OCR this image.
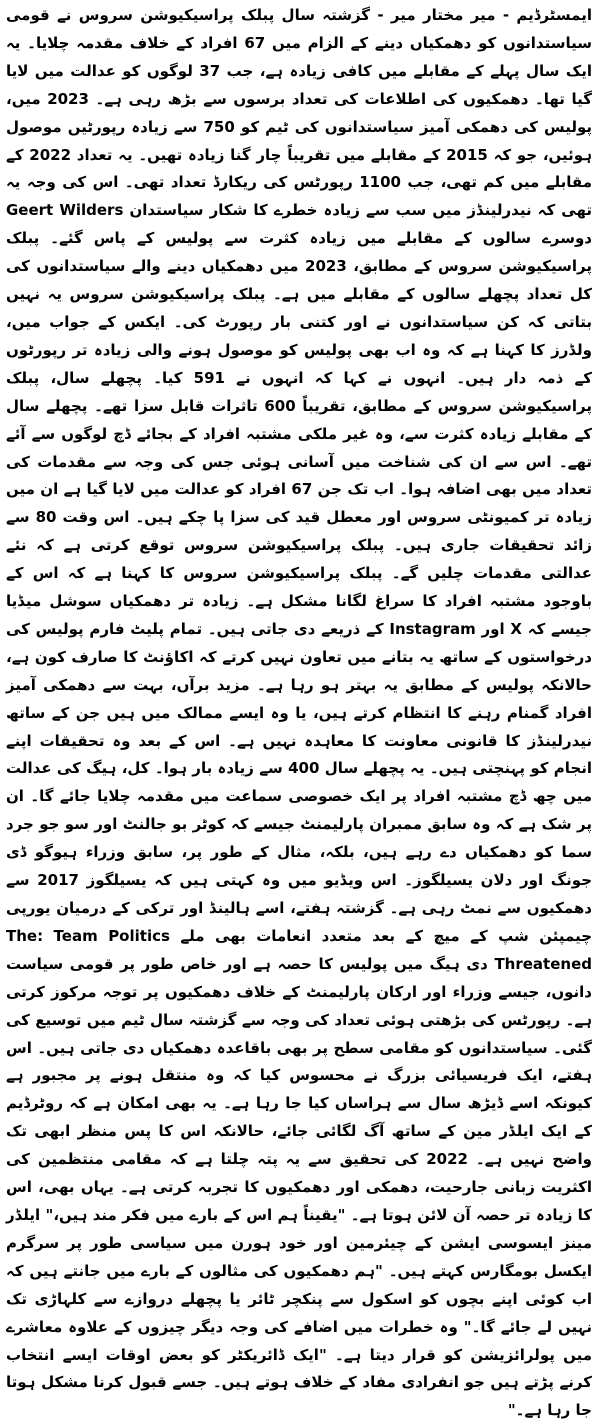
ایمسٹرڈیم - میر مختار میر - گزشتہ سال پبلک پراسیکیوشن سروس نے قومی سیاستدانوں کو دھمکیاں دینے کے الزام میں 67 افراد کے خلاف مقدمہ چلایا۔ یہ ایک سال پہلے کے مقابلے میں کافی زیادہ ہے، جب 37 لوگوں کو عدالت میں لایا گیا تھا۔ دھمکیوں کی اطلاعات کی تعداد برسوں سے بڑھ رہی ہے۔ 2023 میں، پولیس کی دھمکی آمیز سیاستدانوں کی ٹیم کو 750 سے زیادہ رپورٹیں موصول ہوئیں، جو کہ 2015 کے مقابلے میں تقریباً چار گنا زیادہ تھیں۔ یہ تعداد 2022 کے مقابلے میں کم تھی، جب 1100 رپورٹس کی ریکارڈ تعداد تھی۔ اس کی وجہ یہ تھی کہ نیدرلینڈز میں سب سے زیادہ خطرے کا شکار سیاستدان Geert Wilders دوسرے سالوں کے مقابلے میں زیادہ کثرت سے پولیس کے پاس گئے۔ پبلک پراسیکیوشن سروس کے مطابق، 2023 میں دھمکیاں دینے والے سیاستدانوں کی کل تعداد پچھلے سالوں کے مقابلے میں ہے۔ پبلک پراسیکیوشن سروس یہ نہیں بتاتی کہ کن سیاستدانوں نے اور کتنی بار رپورٹ کی۔ ایکس کے جواب میں، ولڈرز کا کہنا ہے کہ وہ اب بھی پولیس کو موصول ہونے والی زیادہ تر رپورٹوں کے ذمہ دار ہیں۔ انہوں نے کہا کہ انہوں نے 591 کیا۔ پچھلے سال، پبلک پراسیکیوشن سروس کے مطابق، تقریباً 600 تاثرات قابل سزا تھے۔ پچھلے سال کے مقابلے زیادہ کثرت سے، وہ غیر ملکی مشتبہ افراد کے بجائے ڈچ لوگوں سے آئے تھے۔ اس سے ان کی شناخت میں آسانی ہوئی جس کی وجہ سے مقدمات کی تعداد میں بھی اضافہ ہوا۔ اب تک جن 67 افراد کو عدالت میں لایا گیا ہے ان میں زیادہ تر کمیونٹی سروس اور معطل قید کی سزا پا چکے ہیں۔ اس وقت 80 سے زائد تحقیقات جاری ہیں۔ پبلک پراسیکیوشن سروس توقع کرتی ہے کہ نئے عدالتی مقدمات چلیں گے۔ پبلک پراسیکیوشن سروس کا کہنا ہے کہ اس کے باوجود مشتبہ افراد کا سراغ لگانا مشکل ہے۔ زیادہ تر دھمکیاں سوشل میڈیا جیسے کہ X اور Instagram کے ذریعے دی جاتی ہیں۔ تمام پلیٹ فارم پولیس کی درخواستوں کے ساتھ یہ بتانے میں تعاون نہیں کرتے کہ اکاؤنٹ کا صارف کون ہے، حالانکہ پولیس کے مطابق یہ بہتر ہو رہا ہے۔ مزید برآں، بہت سے دھمکی آمیز افراد گمنام رہنے کا انتظام کرتے ہیں، یا وہ ایسے ممالک میں ہیں جن کے ساتھ نیدرلینڈز کا قانونی معاونت کا معاہدہ نہیں ہے۔ اس کے بعد وہ تحقیقات اپنے انجام کو پہنچتی ہیں۔ یہ پچھلے سال 400 سے زیادہ بار ہوا۔ کل، ہیگ کی عدالت میں چھ ڈچ مشتبہ افراد پر ایک خصوصی سماعت میں مقدمہ چلایا جائے گا۔ ان پر شک ہے کہ وہ سابق ممبران پارلیمنٹ جیسے کہ کوٹر بو جالنٹ اور سو جو جرد سما کو دھمکیاں دے رہے ہیں، بلکہ، مثال کے طور پر، سابق وزراء ہیوگو ڈی جونگ اور دلان یسیلگوز۔ اس ویڈیو میں وہ کہتی ہیں کہ یسیلگوز 2017 سے دھمکیوں سے نمٹ رہی ہے۔ گزشتہ ہفتے، اسے ہالینڈ اور ترکی کے درمیان یورپی چیمپئن شپ کے میچ کے بعد متعدد انعامات بھی ملے The: Team Politics Threatened دی ہیگ میں پولیس کا حصہ ہے اور خاص طور پر قومی سیاست دانوں، جیسے وزراء اور ارکان پارلیمنٹ کے خلاف دھمکیوں پر توجہ مرکوز کرتی ہے۔ رپورٹس کی بڑھتی ہوئی تعداد کی وجہ سے گزشتہ سال ٹیم میں توسیع کی گئی۔ سیاستدانوں کو مقامی سطح پر بھی باقاعدہ دھمکیاں دی جاتی ہیں۔ اس ہفتے، ایک فریسیائی بزرگ نے محسوس کیا کہ وہ منتقل ہونے پر مجبور ہے کیونکہ اسے ڈیڑھ سال سے ہراساں کیا جا رہا ہے۔ یہ بھی امکان ہے کہ روٹرڈیم کے ایک ایلڈر مین کے ساتھ آگ لگائی جائے، حالانکہ اس کا پس منظر ابھی تک واضح نہیں ہے۔ 2022 کی تحقیق سے یہ پتہ چلتا ہے کہ مقامی منتظمین کی اکثریت زبانی جارحیت، دھمکی اور دھمکیوں کا تجربہ کرتی ہے۔ یہاں بھی، اس کا زیادہ تر حصہ آن لائن ہوتا ہے۔ "یقیناً ہم اس کے بارے میں فکر مند ہیں،" ایلڈر مینز ایسوسی ایشن کے چیئرمین اور خود ہورن میں سیاسی طور پر سرگرم ایکسل بومگارس کہتے ہیں۔ "ہم دھمکیوں کی مثالوں کے بارے میں جانتے ہیں کہ اب کوئی اپنے بچوں کو اسکول سے پنکچر ٹائر یا پچھلے دروازے سے کلہاڑی تک نہیں لے جائے گا۔" وہ خطرات میں اضافے کی وجہ دیگر چیزوں کے علاوہ معاشرے میں پولرائزیشن کو قرار دیتا ہے۔ "ایک ڈائریکٹر کو بعض اوقات ایسے انتخاب کرنے پڑتے ہیں جو انفرادی مفاد کے خلاف ہوتے ہیں۔ جسے قبول کرنا مشکل ہوتا جا رہا ہے۔"
